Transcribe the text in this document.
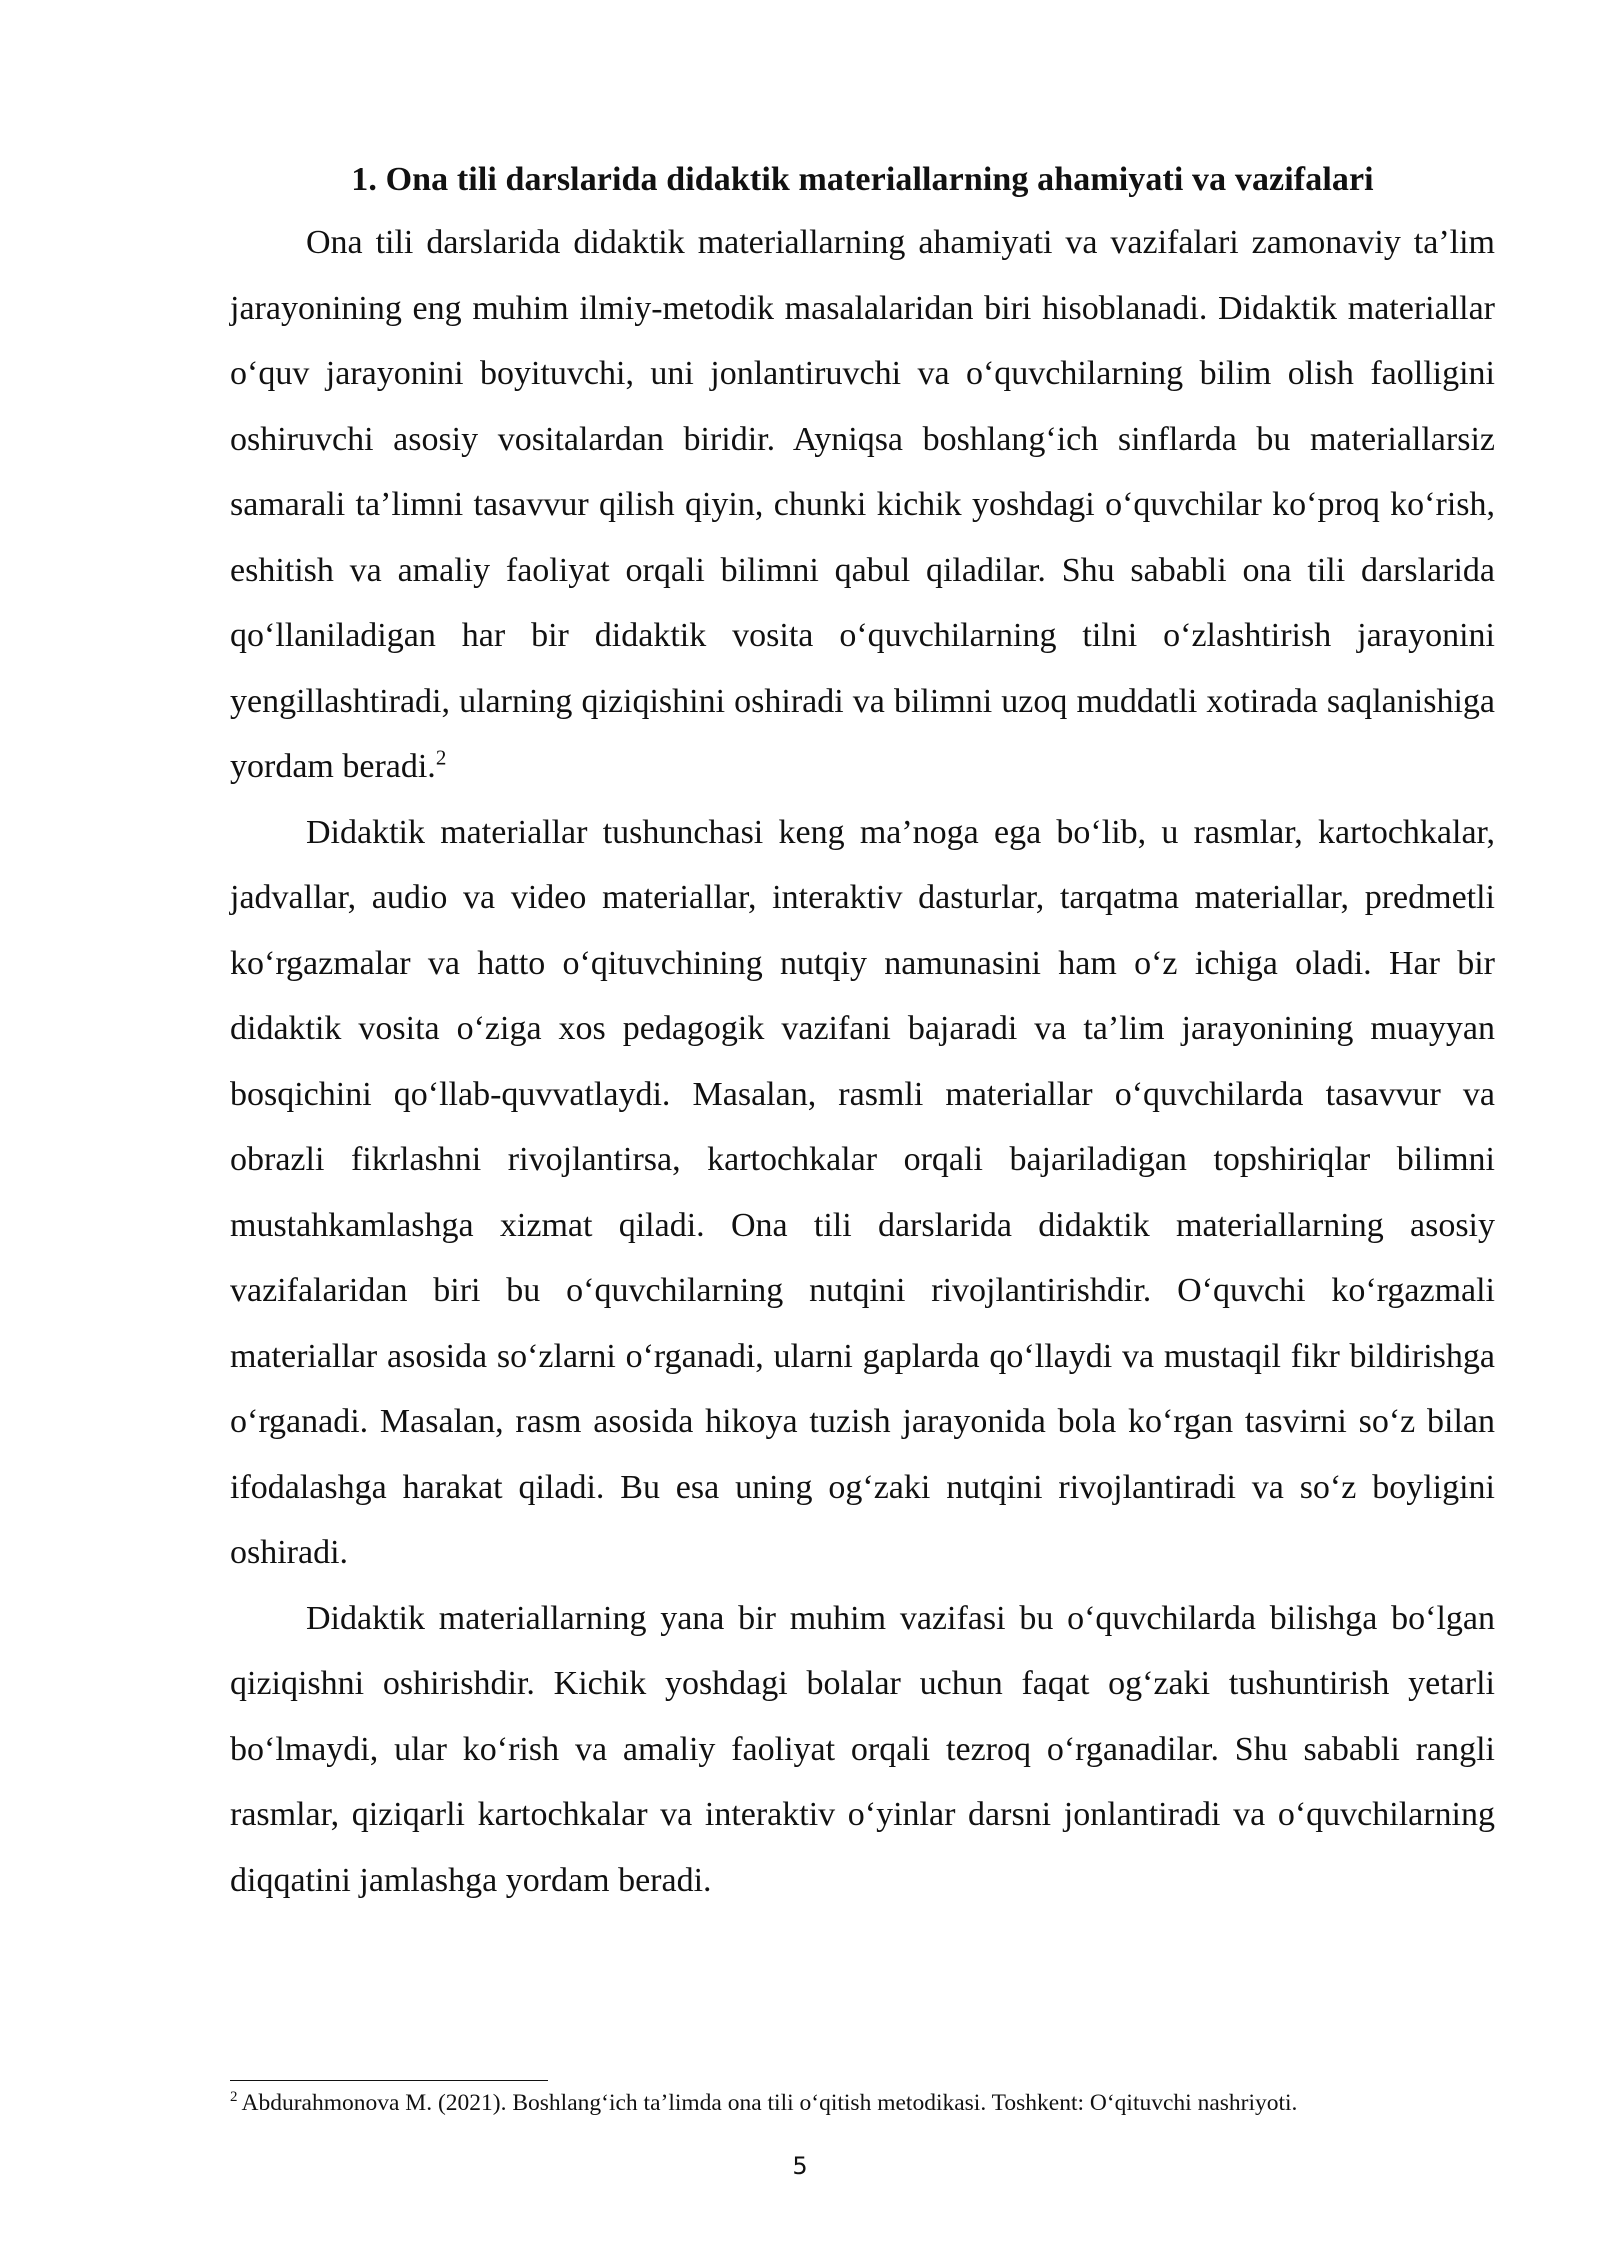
1. Ona tili darslarida didaktik materiallarning ahamiyati va vazifalari

Ona tili darslarida didaktik materiallarning ahamiyati va vazifalari zamonaviy ta’lim jarayonining eng muhim ilmiy-metodik masalalaridan biri hisoblanadi. Didaktik materiallar o‘quv jarayonini boyituvchi, uni jonlantiruvchi va o‘quvchilarning bilim olish faolligini oshiruvchi asosiy vositalardan biridir. Ayniqsa boshlang‘ich sinflarda bu materiallarsiz samarali ta’limni tasavvur qilish qiyin, chunki kichik yoshdagi o‘quvchilar ko‘proq ko‘rish, eshitish va amaliy faoliyat orqali bilimni qabul qiladilar. Shu sababli ona tili darslarida qo‘llaniladigan har bir didaktik vosita o‘quvchilarning tilni o‘zlashtirish jarayonini yengillashtiradi, ularning qiziqishini oshiradi va bilimni uzoq muddatli xotirada saqlanishiga yordam beradi.$^2$

Didaktik materiallar tushunchasi keng ma’noga ega bo‘lib, u rasmlar, kartochkalar, jadvallar, audio va video materiallar, interaktiv dasturlar, tarqatma materiallar, predmetli ko‘rgazmalar va hatto o‘qituvchining nutqiy namunasini ham o‘z ichiga oladi. Har bir didaktik vosita o‘ziga xos pedagogik vazifani bajaradi va ta’lim jarayonining muayyan bosqichini qo‘llab-quvvatlaydi. Masalan, rasmli materiallar o‘quvchilarda tasavvur va obrazli fikrlashni rivojlantirsa, kartochkalar orqali bajariladigan topshiriqlar bilimni mustahkamlashga xizmat qiladi. Ona tili darslarida didaktik materiallarning asosiy vazifalaridan biri bu o‘quvchilarning nutqini rivojlantirishdir. O‘quvchi ko‘rgazmali materiallar asosida so‘zlarni o‘rganadi, ularni gaplarda qo‘llaydi va mustaqil fikr bildirishga o‘rganadi. Masalan, rasm asosida hikoya tuzish jarayonida bola ko‘rgan tasvirni so‘z bilan ifodalashga harakat qiladi. Bu esa uning og‘zaki nutqini rivojlantiradi va so‘z boyligini oshiradi.

Didaktik materiallarning yana bir muhim vazifasi bu o‘quvchilarda bilishga bo‘lgan qiziqishni oshirishdir. Kichik yoshdagi bolalar uchun faqat og‘zaki tushuntirish yetarli bo‘lmaydi, ular ko‘rish va amaliy faoliyat orqali tezroq o‘rganadilar. Shu sababli rangli rasmlar, qiziqarli kartochkalar va interaktiv o‘yinlar darsni jonlantiradi va o‘quvchilarning diqqatini jamlashga yordam beradi.

$^2$ Abdurahmonova M. (2021). Boshlang‘ich ta’limda ona tili o‘qitish metodikasi. Toshkent: O‘qituvchi nashriyoti.
5
